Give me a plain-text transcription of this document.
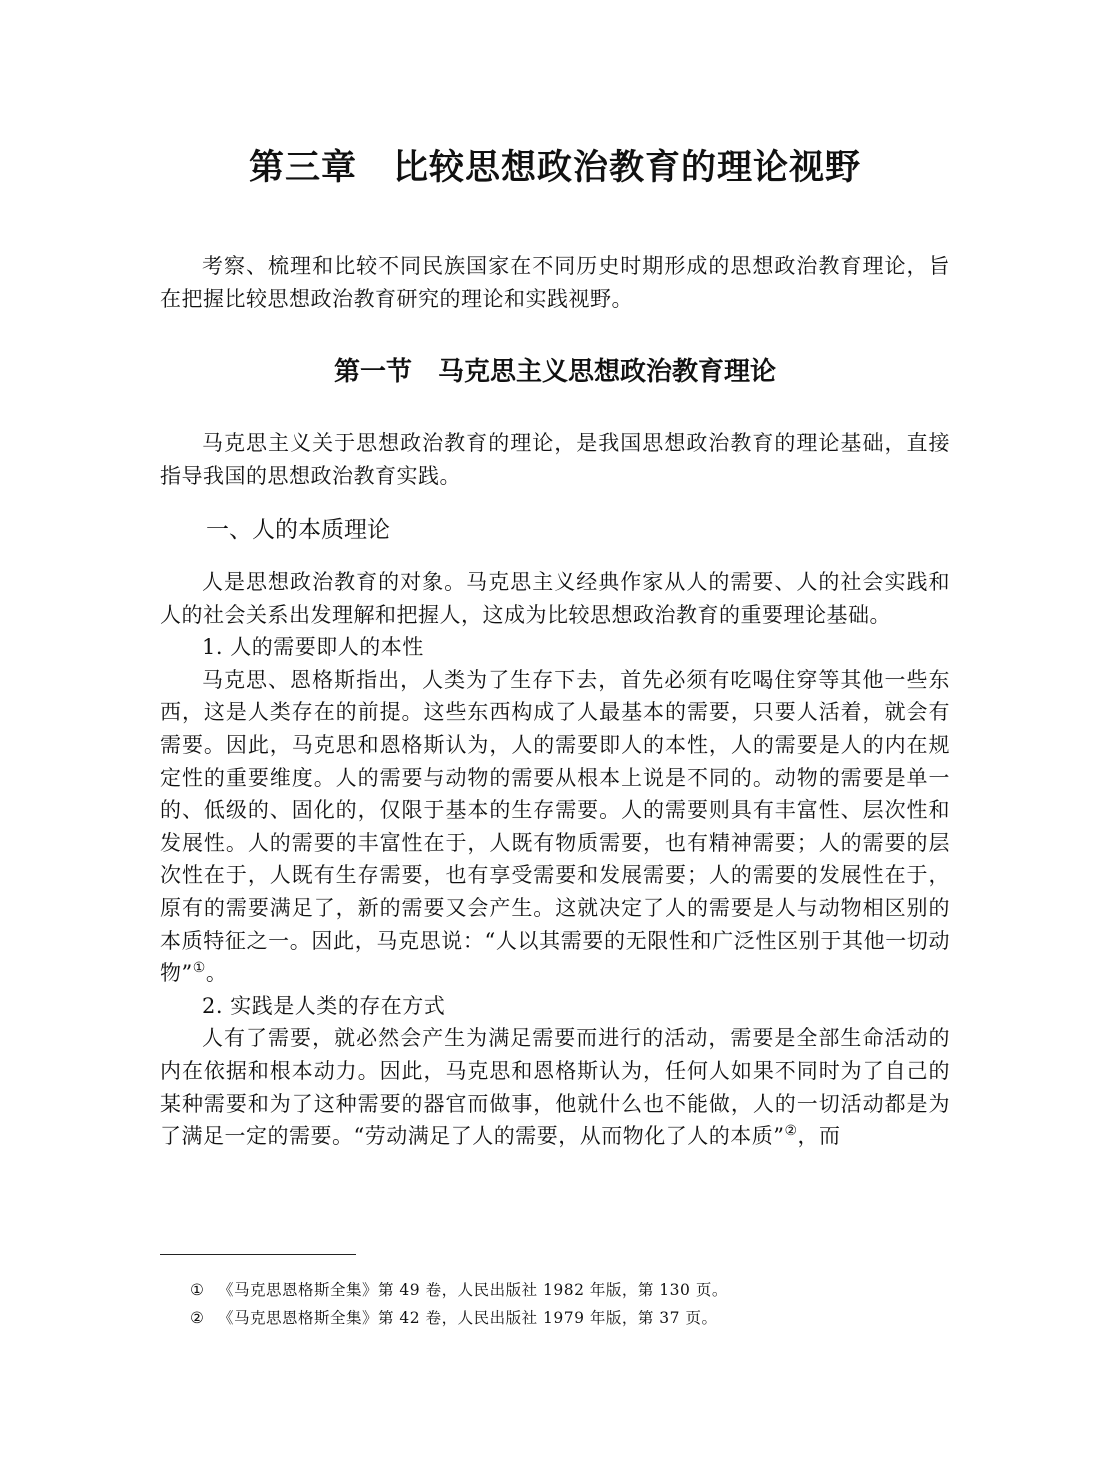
第三章　比较思想政治教育的理论视野

考察、梳理和比较不同民族国家在不同历史时期形成的思想政治教育理论，旨在把握比较思想政治教育研究的理论和实践视野。

第一节　马克思主义思想政治教育理论

马克思主义关于思想政治教育的理论，是我国思想政治教育的理论基础，直接指导我国的思想政治教育实践。

一、人的本质理论

人是思想政治教育的对象。马克思主义经典作家从人的需要、人的社会实践和人的社会关系出发理解和把握人，这成为比较思想政治教育的重要理论基础。

1. 人的需要即人的本性

马克思、恩格斯指出，人类为了生存下去，首先必须有吃喝住穿等其他一些东西，这是人类存在的前提。这些东西构成了人最基本的需要，只要人活着，就会有需要。因此，马克思和恩格斯认为，人的需要即人的本性，人的需要是人的内在规定性的重要维度。人的需要与动物的需要从根本上说是不同的。动物的需要是单一的、低级的、固化的，仅限于基本的生存需要。人的需要则具有丰富性、层次性和发展性。人的需要的丰富性在于，人既有物质需要，也有精神需要；人的需要的层次性在于，人既有生存需要，也有享受需要和发展需要；人的需要的发展性在于，原有的需要满足了，新的需要又会产生。这就决定了人的需要是人与动物相区别的本质特征之一。因此，马克思说：“人以其需要的无限性和广泛性区别于其他一切动物”①。

2. 实践是人类的存在方式

人有了需要，就必然会产生为满足需要而进行的活动，需要是全部生命活动的内在依据和根本动力。因此，马克思和恩格斯认为，任何人如果不同时为了自己的某种需要和为了这种需要的器官而做事，他就什么也不能做，人的一切活动都是为了满足一定的需要。“劳动满足了人的需要，从而物化了人的本质”②，而

① 《马克思恩格斯全集》第 49 卷，人民出版社 1982 年版，第 130 页。
② 《马克思恩格斯全集》第 42 卷，人民出版社 1979 年版，第 37 页。
